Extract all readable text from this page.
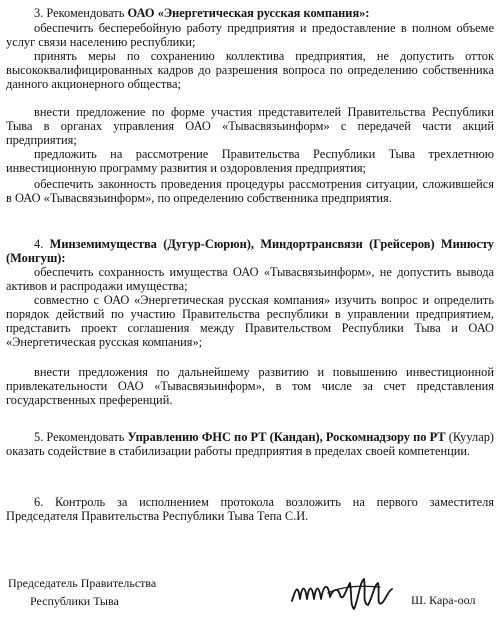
3. Рекомендовать ОАО «Энергетическая русская компания»:

обеспечить бесперебойную работу предприятия и предоставление в полном объеме услуг связи населению республики;

принять меры по сохранению коллектива предприятия, не допустить отток высококвалифицированных кадров до разрешения вопроса по определению собственника данного акционерного общества;

внести предложение по форме участия представителей Правительства Республики Тыва в органах управления ОАО «Тывасвязьинформ» с передачей части акций предприятия;

предложить на рассмотрение Правительства Республики Тыва трехлетнюю инвестиционную программу развития и оздоровления предприятия;

обеспечить законность проведения процедуры рассмотрения ситуации, сложившейся в ОАО «Тывасвязьинформ», по определению собственника предприятия.

4. Минземимущества (Дугур-Сюрюн), Миндортрансвязи (Грейсеров) Минюсту (Монгуш):

обеспечить сохранность имущества ОАО «Тывасвязьинформ», не допустить вывода активов и распродажи имущества;

совместно с ОАО «Энергетическая русская компания» изучить вопрос и определить порядок действий по участию Правительства республики в управлении предприятием, представить проект соглашения между Правительством Республики Тыва и ОАО «Энергетическая русская компания»;

внести предложения по дальнейшему развитию и повышению инвестиционной привлекательности ОАО «Тывасвязьинформ», в том числе за счет представления государственных преференций.

5. Рекомендовать Управлению ФНС по РТ (Кандан), Роскомнадзору по РТ (Куулар) оказать содействие в стабилизации работы предприятия в пределах своей компетенции.

6. Контроль за исполнением протокола возложить на первого заместителя Председателя Правительства Республики Тыва Тепа С.И.

Председатель Правительства
Республики Тыва	Ш. Кара-оол
